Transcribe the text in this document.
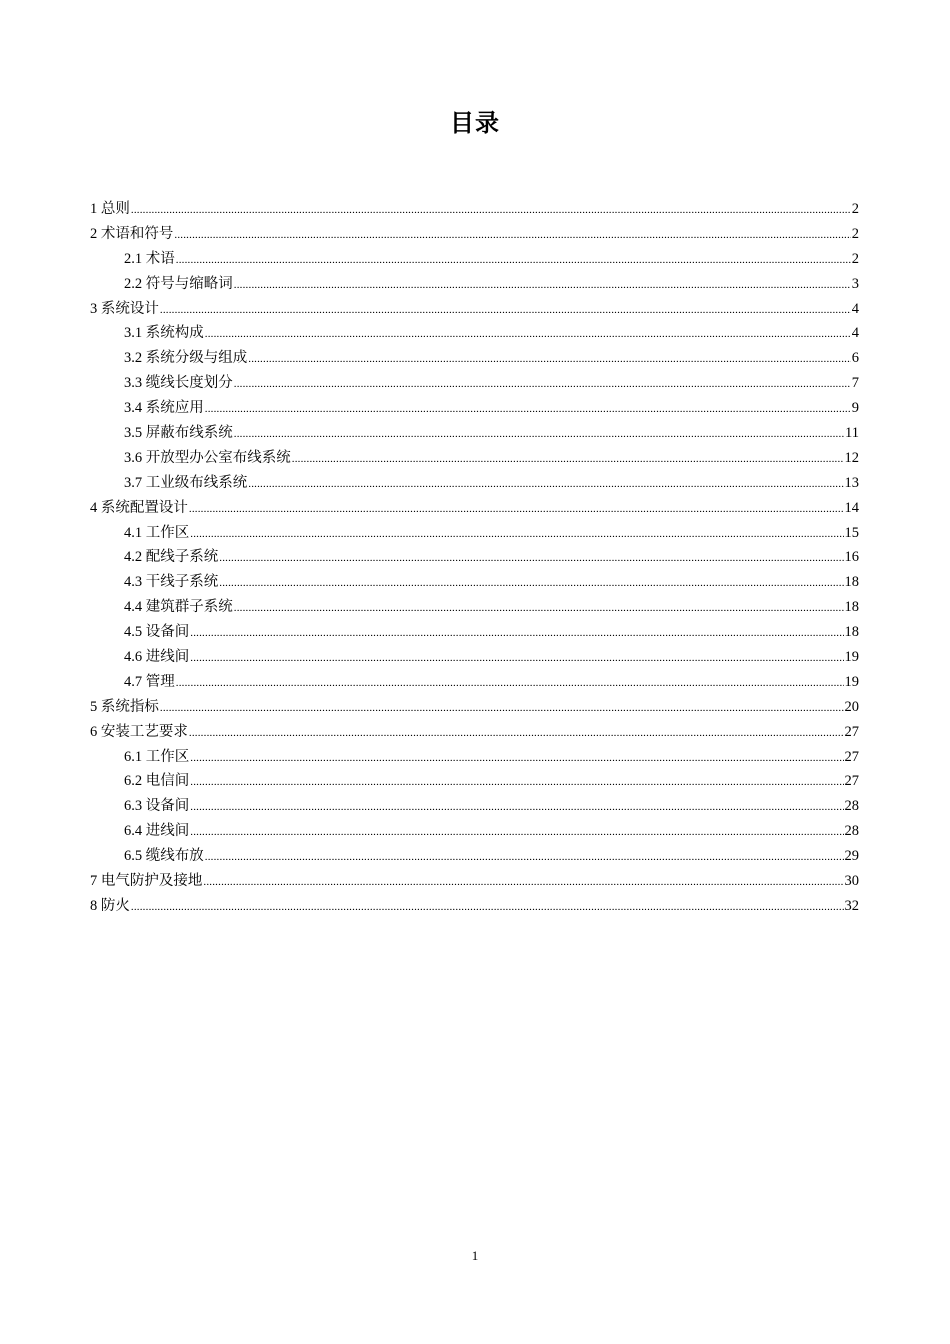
目录
1 总则 .....	2
2 术语和符号 .....	2
2.1 术语 .....	2
2.2 符号与缩略词 .....	3
3 系统设计 .....	4
3.1 系统构成 .....	4
3.2 系统分级与组成 .....	6
3.3 缆线长度划分 .....	7
3.4 系统应用 .....	9
3.5 屏蔽布线系统 .....	11
3.6 开放型办公室布线系统 .....	12
3.7 工业级布线系统 .....	13
4 系统配置设计 .....	14
4.1 工作区 .....	15
4.2 配线子系统 .....	16
4.3 干线子系统 .....	18
4.4 建筑群子系统 .....	18
4.5 设备间 .....	18
4.6 进线间 .....	19
4.7 管理 .....	19
5 系统指标 .....	20
6 安装工艺要求 .....	27
6.1 工作区 .....	27
6.2 电信间 .....	27
6.3 设备间 .....	28
6.4 进线间 .....	28
6.5 缆线布放 .....	29
7 电气防护及接地 .....	30
8 防火 .....	32
1
